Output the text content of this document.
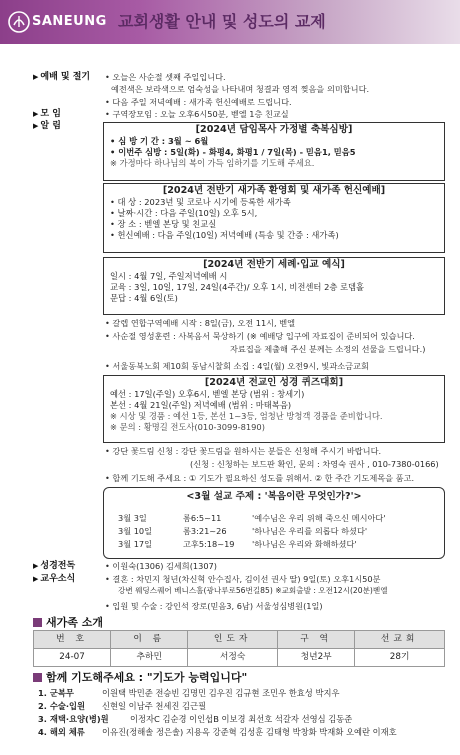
SANEUNG 교회생활 안내 및 성도의 교제
▶ 예배 및 절기 • 오늘은 사순절 셋째 주일입니다.
예전색은 보라색으로 엄숙성을 나타내며 청결과 영적 찢음을 의미합니다.
• 다음 주일 저녁예배 : 새가족 헌신예배로 드립니다.
▶ 모 임	• 구역장모임 : 오늘 오후6시50분, 벧엘 1층 친교실
▶ 알 림	[2024년 담임목사 가정별 축복심방]
• 심 방 기 간 : 3월 ~ 6월
• 이번주 심방 : 5일(화) - 화평4, 화평1 / 7일(목) - 믿음1, 믿음5
※ 가정마다 하나님의 복이 가득 임하기를 기도해 주세요.
[2024년 전반기 새가족 환영회 및 새가족 헌신예배]
• 대 상 : 2023년 및 코로나 시기에 등록한 새가족
• 날짜·시간 : 다음 주일(10일) 오후 5시,
• 장 소 : 벧엘 본당 및 친교실
• 헌신예배 : 다음 주일(10일) 저녁예배 (특송 및 간증 : 새가족)
[2024년 전반기 세례·입교 예식]
일시 : 4월 7일, 주일저녁예배 시
교육 : 3일, 10일, 17일, 24일(4주간)/ 오후 1시, 비전센터 2층 로뎀홀
문답 : 4월 6일(토)
• 갈렙 연합구역예배 시작 : 8일(금), 오전 11시, 벧엘
• 사순절 영성훈련 : 사복음서 묵상하기 (※ 예배당 입구에 자료집이 준비되어 있습니다.
자료집을 제출해 주신 분께는 소정의 선물을 드립니다.)
• 서울동북노회 제10회 동남시찰회 소집 : 4일(월) 오전9시, 빛과소금교회
[2024년 전교인 성경 퀴즈대회]
예선 : 17일(주일) 오후6시, 벧엘 본당 (범위 : 창세기)
본선 : 4월 21일(주일) 저녁예배 (범위 : 마태복음)
※ 시상 및 경품 : 예선 1등, 본선 1~3등, 엄청난 방청객 경품을 준비합니다.
※ 문의 : 황명길 전도사(010-3099-8190)
• 강단 꽃드림 신청 : 강단 꽃드림을 원하시는 분들은 신청해 주시기 바랍니다.
(신청 : 신청하는 보드판 확인, 문의 : 차영숙 권사 , 010-7380-0166)
• 합께 기도해 주세요 : ① 기도가 필요하신 성도를 위해서. ② 한 주간 기도제목을 품고.
<3월 설교 주제 : '복음이란 무엇인가?'>
3월 3일	롬6:5~11	'예수님은 우리 위해 죽으신 메시아다'
3월 10일	롬3:21~26	'하나님은 우리를 의롭다 하셨다'
3월 17일	고후5:18~19 '하나님은 우리와 화해하셨다'
▶ 성경전독	• 이원숙(1306) 김세희(1307)
▶ 교우소식	• 결혼 : 차민지 청년(차신혁 안수집사, 김이선 권사 딸) 9일(토) 오후1시50분
강변 웨딩스퀘어 베니스홀(광나루로56번길85) ※교회출발 : 오전12시(20분)벧엘
• 입원 및 수술 : 강인석 장로(믿음3, 6남) 서울성심병원(1일)
새가족 소개
번 호	이 름	인도자	구 역	선교회
24-07	추하민	서정숙	청년2부	28기
함께 기도해주세요 : "기도가 능력입니다"
1. 군복무	이원택 박민준 전승빈 김명민 김우진 김규현 조민우 한효성 박지우
2. 수술·입원 신현일 이남주 천세진 김근필
3. 재택·요양(병)원	이정자C 김순경 이인섭B 이보경 최선호 석갈자 선영심 김동준
4. 해외 체류 이유진(정해솔 정은솔) 지용옥 강준혁 김성훈 김태형 박창화 박재화 오예란 이재호
